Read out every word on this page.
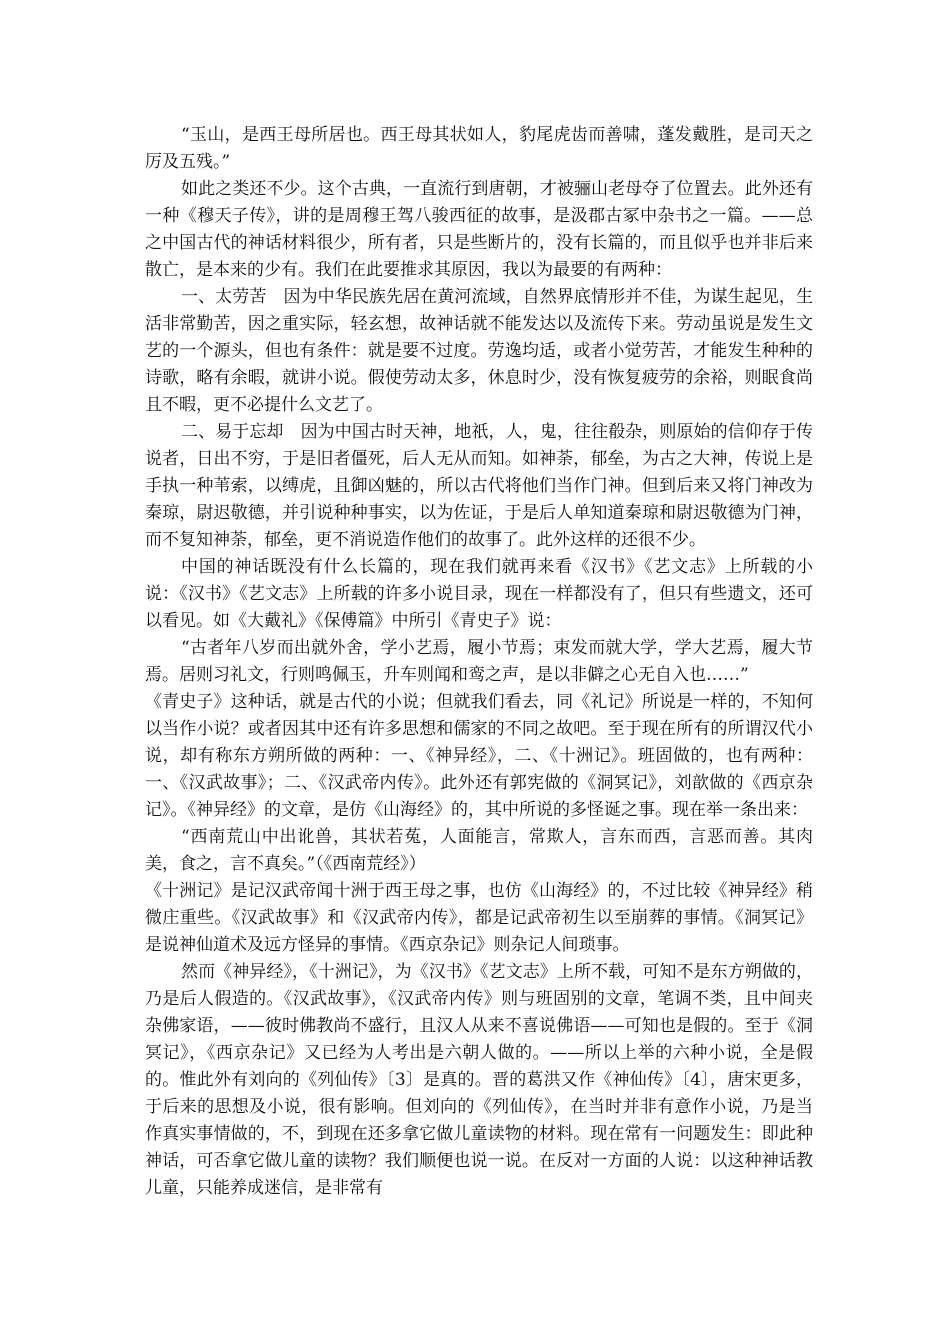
“玉山，是西王母所居也。西王母其状如人，豹尾虎齿而善啸，蓬发戴胜，是司天之厉及五残。”

如此之类还不少。这个古典，一直流行到唐朝，才被骊山老母夺了位置去。此外还有一种《穆天子传》，讲的是周穆王驾八骏西征的故事，是汲郡古冢中杂书之一篇。——总之中国古代的神话材料很少，所有者，只是些断片的，没有长篇的，而且似乎也并非后来散亡，是本来的少有。我们在此要推求其原因，我以为最要的有两种：

一、太劳苦　因为中华民族先居在黄河流域，自然界底情形并不佳，为谋生起见，生活非常勤苦，因之重实际，轻玄想，故神话就不能发达以及流传下来。劳动虽说是发生文艺的一个源头，但也有条件：就是要不过度。劳逸均适，或者小觉劳苦，才能发生种种的诗歌，略有余暇，就讲小说。假使劳动太多，休息时少，没有恢复疲劳的余裕，则眠食尚且不暇，更不必提什么文艺了。

二、易于忘却　因为中国古时天神，地祇，人，鬼，往往殽杂，则原始的信仰存于传说者，日出不穷，于是旧者僵死，后人无从而知。如神荼，郁垒，为古之大神，传说上是手执一种苇索，以缚虎，且御凶魅的，所以古代将他们当作门神。但到后来又将门神改为秦琼，尉迟敬德，并引说种种事实，以为佐证，于是后人单知道秦琼和尉迟敬德为门神，而不复知神荼，郁垒，更不消说造作他们的故事了。此外这样的还很不少。

中国的神话既没有什么长篇的，现在我们就再来看《汉书》《艺文志》上所载的小说：《汉书》《艺文志》上所载的许多小说目录，现在一样都没有了，但只有些遗文，还可以看见。如《大戴礼》《保傅篇》中所引《青史子》说：

“古者年八岁而出就外舍，学小艺焉，履小节焉；束发而就大学，学大艺焉，履大节焉。居则习礼文，行则鸣佩玉，升车则闻和鸾之声，是以非僻之心无自入也……”

《青史子》这种话，就是古代的小说；但就我们看去，同《礼记》所说是一样的，不知何以当作小说？或者因其中还有许多思想和儒家的不同之故吧。至于现在所有的所谓汉代小说，却有称东方朔所做的两种：一、《神异经》，二、《十洲记》。班固做的，也有两种：一、《汉武故事》；二、《汉武帝内传》。此外还有郭宪做的《洞冥记》，刘歆做的《西京杂记》。《神异经》的文章，是仿《山海经》的，其中所说的多怪诞之事。现在举一条出来：

“西南荒山中出讹兽，其状若菟，人面能言，常欺人，言东而西，言恶而善。其肉美，食之，言不真矣。”（《西南荒经》）

《十洲记》是记汉武帝闻十洲于西王母之事，也仿《山海经》的，不过比较《神异经》稍微庄重些。《汉武故事》和《汉武帝内传》，都是记武帝初生以至崩葬的事情。《洞冥记》是说神仙道术及远方怪异的事情。《西京杂记》则杂记人间琐事。

然而《神异经》，《十洲记》，为《汉书》《艺文志》上所不载，可知不是东方朔做的，乃是后人假造的。《汉武故事》，《汉武帝内传》则与班固别的文章，笔调不类，且中间夹杂佛家语，——彼时佛教尚不盛行，且汉人从来不喜说佛语——可知也是假的。至于《洞冥记》，《西京杂记》又已经为人考出是六朝人做的。——所以上举的六种小说，全是假的。惟此外有刘向的《列仙传》〔3〕是真的。晋的葛洪又作《神仙传》〔4〕，唐宋更多，于后来的思想及小说，很有影响。但刘向的《列仙传》，在当时并非有意作小说，乃是当作真实事情做的，不，到现在还多拿它做儿童读物的材料。现在常有一问题发生：即此种神话，可否拿它做儿童的读物？我们顺便也说一说。在反对一方面的人说：以这种神话教儿童，只能养成迷信，是非常有
